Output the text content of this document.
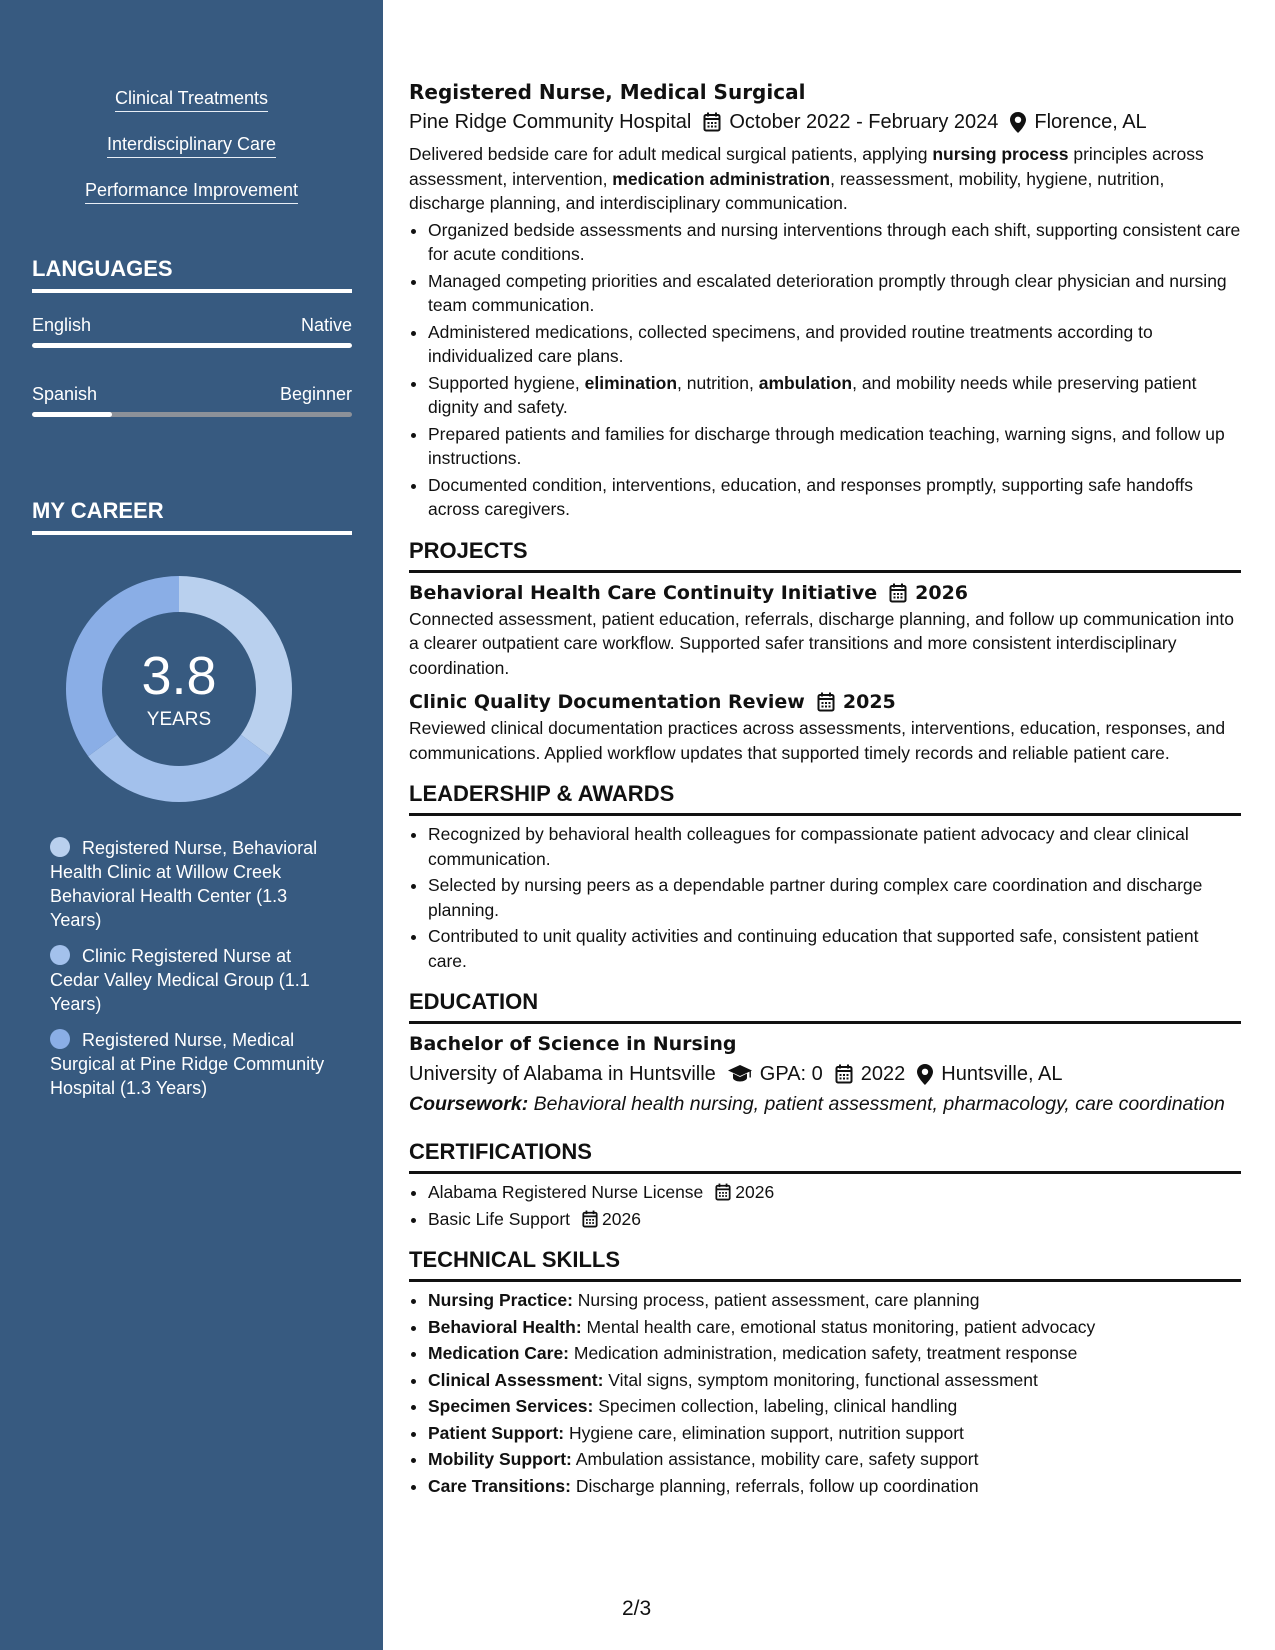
Clinical Treatments
Interdisciplinary Care
Performance Improvement
LANGUAGES
English	Native
Spanish	Beginner
MY CAREER
3.8
YEARS
Registered Nurse, Behavioral Health Clinic at Willow Creek Behavioral Health Center (1.3 Years)
Clinic Registered Nurse at Cedar Valley Medical Group (1.1 Years)
Registered Nurse, Medical Surgical at Pine Ridge Community Hospital (1.3 Years)
Registered Nurse, Medical Surgical
Pine Ridge Community Hospital October 2022 - February 2024 Florence, AL

Delivered bedside care for adult medical surgical patients, applying nursing process principles across assessment, intervention, medication administration, reassessment, mobility, hygiene, nutrition, discharge planning, and interdisciplinary communication.

• Organized bedside assessments and nursing interventions through each shift, supporting consistent care for acute conditions.
• Managed competing priorities and escalated deterioration promptly through clear physician and nursing team communication.
• Administered medications, collected specimens, and provided routine treatments according to individualized care plans.
• Supported hygiene, elimination, nutrition, ambulation, and mobility needs while preserving patient dignity and safety.
• Prepared patients and families for discharge through medication teaching, warning signs, and follow up instructions.
• Documented condition, interventions, education, and responses promptly, supporting safe handoffs across caregivers.
PROJECTS
Behavioral Health Care Continuity Initiative 2026

Connected assessment, patient education, referrals, discharge planning, and follow up communication into a clearer outpatient care workflow. Supported safer transitions and more consistent interdisciplinary coordination.

Clinic Quality Documentation Review 2025

Reviewed clinical documentation practices across assessments, interventions, education, responses, and communications. Applied workflow updates that supported timely records and reliable patient care.

LEADERSHIP & AWARDS
• Recognized by behavioral health colleagues for compassionate patient advocacy and clear clinical communication.
• Selected by nursing peers as a dependable partner during complex care coordination and discharge planning.
• Contributed to unit quality activities and continuing education that supported safe, consistent patient care.
EDUCATION
Bachelor of Science in Nursing
University of Alabama in Huntsville GPA: 0 2022 Huntsville, AL

Coursework: Behavioral health nursing, patient assessment, pharmacology, care coordination

CERTIFICATIONS
• Alabama Registered Nurse License 2026
• Basic Life Support 2026
TECHNICAL SKILLS
• Nursing Practice: Nursing process, patient assessment, care planning
• Behavioral Health: Mental health care, emotional status monitoring, patient advocacy
• Medication Care: Medication administration, medication safety, treatment response
• Clinical Assessment: Vital signs, symptom monitoring, functional assessment
• Specimen Services: Specimen collection, labeling, clinical handling
• Patient Support: Hygiene care, elimination support, nutrition support
• Mobility Support: Ambulation assistance, mobility care, safety support
• Care Transitions: Discharge planning, referrals, follow up coordination
2/3
